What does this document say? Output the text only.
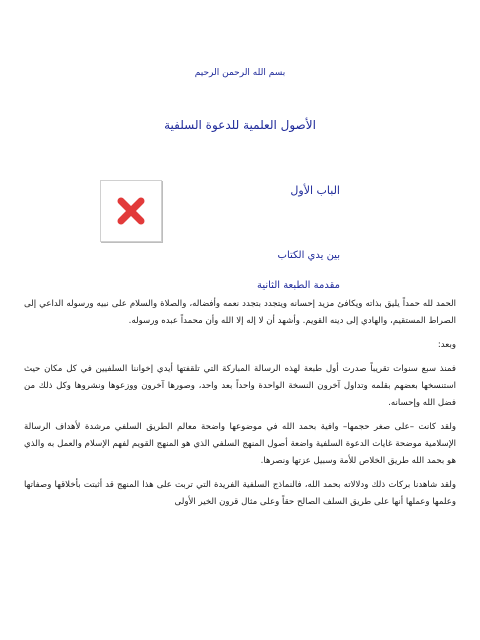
بسم الله الرحمن الرحيم
الأصول العلمية للدعوة السلفية
الباب الأول
بين يدي الكتاب
مقدمة الطبعة الثانية

الحمد لله حمداً يليق بذاته ويكافئ مزيد إحسانه ويتجدد بتجدد نعمه وأفضاله، والصلاة والسلام على نبيه ورسوله الداعي إلى الصراط المستقيم، والهادي إلى دينه القويم. وأشهد أن لا إله إلا الله وأن محمداً عبده ورسوله.

وبعد:

فمنذ سبع سنوات تقريباً صدرت أول طبعة لهذه الرسالة المباركة التي تلقفتها أيدي إخواننا السلفيين في كل مكان حيث استنسخها بعضهم بقلمه وتداول آخرون النسخة الواحدة واحداً بعد واحد، وصورها آخرون ووزعوها ونشروها وكل ذلك من فضل الله وإحسانه.

ولقد كانت –على صغر حجمها– وافية بحمد الله في موضوعها واضحة معالم الطريق السلفي مرشدة لأهداف الرسالة الإسلامية موضحة غايات الدعوة السلفية واضعة أصول المنهج السلفي الذي هو المنهج القويم لفهم الإسلام والعمل به والذي هو بحمد الله طريق الخلاص للأمة وسبيل عزتها ونصرها.

ولقد شاهدنا بركات ذلك ودلالاته بحمد الله، فالنماذج السلفية الفريدة التي تربت على هذا المنهج قد أثبتت بأخلاقها وصفاتها وعلمها وعملها أنها على طريق السلف الصالح حقاً وعلى مثال قرون الخير الأولى
